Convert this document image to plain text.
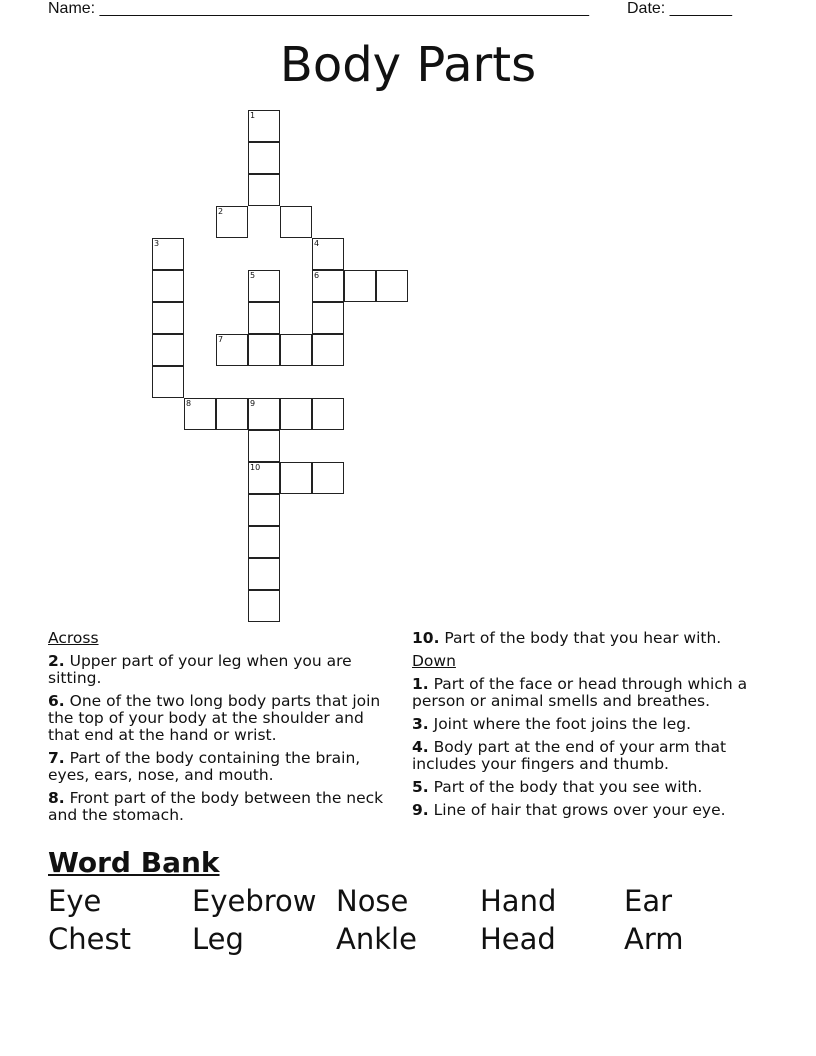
Name: _______________________________________________________ Date: _______
Body Parts
1
2
3	4
5	6
7
8	9
10
Across
2. Upper part of your leg when you are sitting.
6. One of the two long body parts that join the top of your body at the shoulder and that end at the hand or wrist.
7. Part of the body containing the brain, eyes, ears, nose, and mouth.
8. Front part of the body between the neck and the stomach.
10. Part of the body that you hear with.
Down
1. Part of the face or head through which a person or animal smells and breathes.
3. Joint where the foot joins the leg.
4. Body part at the end of your arm that includes your fingers and thumb.
5. Part of the body that you see with.
9. Line of hair that grows over your eye.
Word Bank
Eye	Eyebrow Nose Hand Ear
Chest Leg	Ankle Head Arm
